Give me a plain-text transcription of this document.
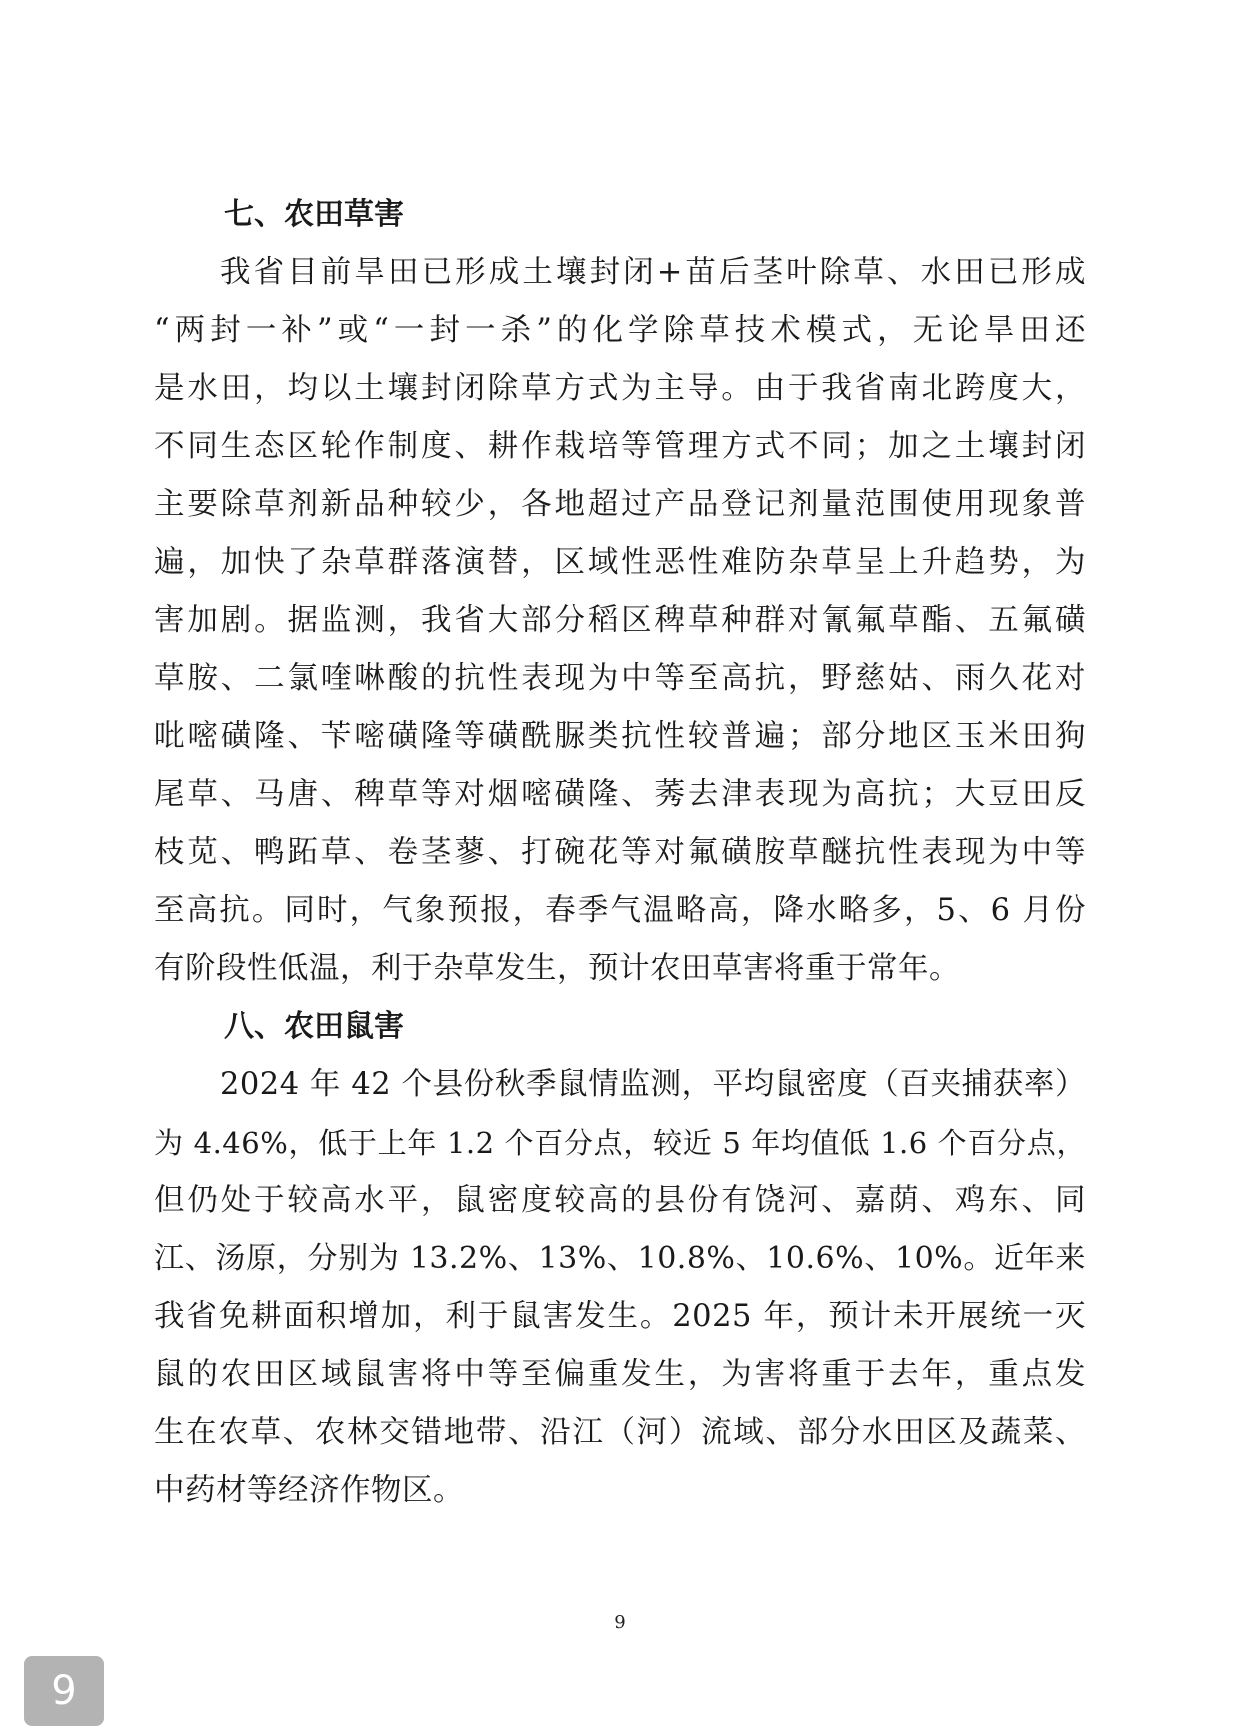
七、农田草害

我省目前旱田已形成土壤封闭+苗后茎叶除草、水田已形成

“两封一补”或“一封一杀”的化学除草技术模式，无论旱田还

是水田，均以土壤封闭除草方式为主导。由于我省南北跨度大，

不同生态区轮作制度、耕作栽培等管理方式不同；加之土壤封闭

主要除草剂新品种较少，各地超过产品登记剂量范围使用现象普

遍，加快了杂草群落演替，区域性恶性难防杂草呈上升趋势，为

害加剧。据监测，我省大部分稻区稗草种群对氰氟草酯、五氟磺

草胺、二氯喹啉酸的抗性表现为中等至高抗，野慈姑、雨久花对

吡嘧磺隆、苄嘧磺隆等磺酰脲类抗性较普遍；部分地区玉米田狗

尾草、马唐、稗草等对烟嘧磺隆、莠去津表现为高抗；大豆田反

枝苋、鸭跖草、卷茎蓼、打碗花等对氟磺胺草醚抗性表现为中等

至高抗。同时，气象预报，春季气温略高，降水略多，5、6 月份

有阶段性低温，利于杂草发生，预计农田草害将重于常年。

八、农田鼠害

2024 年 42 个县份秋季鼠情监测，平均鼠密度（百夹捕获率）

为 4.46%，低于上年 1.2 个百分点，较近 5 年均值低 1.6 个百分点，

但仍处于较高水平，鼠密度较高的县份有饶河、嘉荫、鸡东、同

江、汤原，分别为 13.2%、13%、10.8%、10.6%、10%。近年来

我省免耕面积增加，利于鼠害发生。2025 年，预计未开展统一灭

鼠的农田区域鼠害将中等至偏重发生，为害将重于去年，重点发

生在农草、农林交错地带、沿江（河）流域、部分水田区及蔬菜、

中药材等经济作物区。

9
9
